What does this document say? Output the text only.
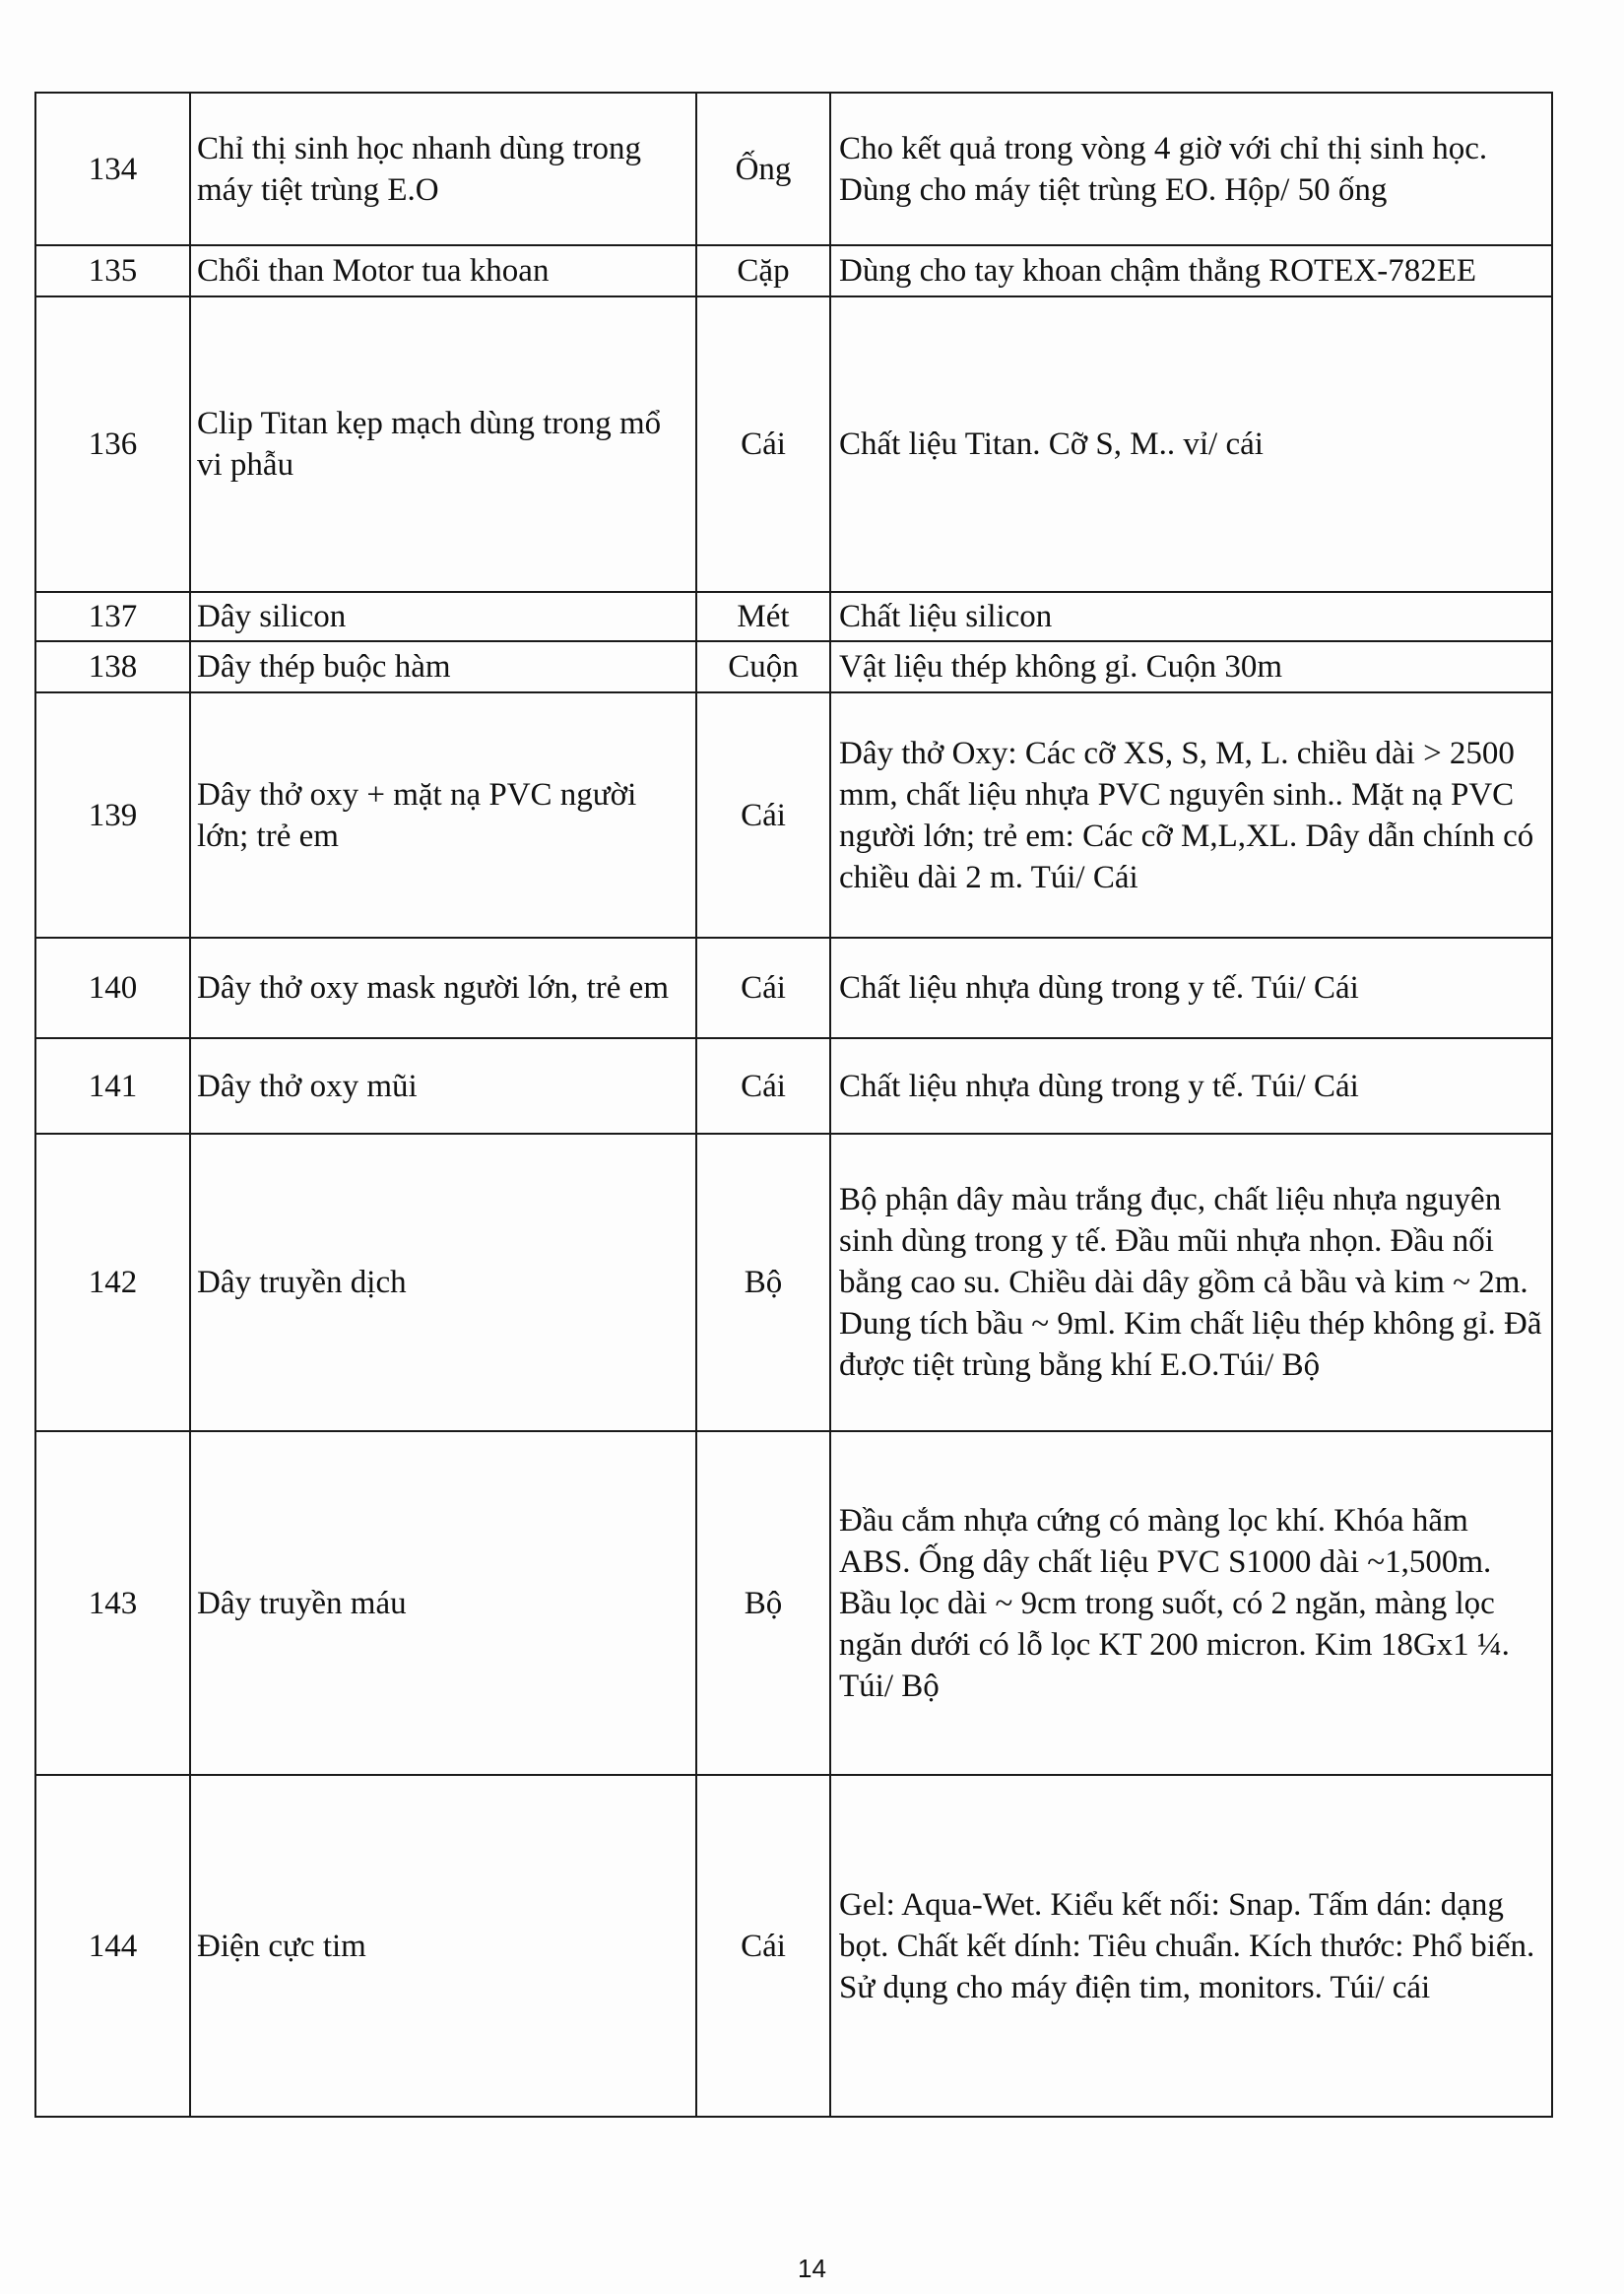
134	Chỉ thị sinh học nhanh dùng trong máy tiệt trùng E.O	Ống	Cho kết quả trong vòng 4 giờ với chỉ thị sinh học. Dùng cho máy tiệt trùng EO. Hộp/ 50 ống
135	Chổi than Motor tua khoan	Cặp	Dùng cho tay khoan chậm thẳng ROTEX-782EE
136	Clip Titan kẹp mạch dùng trong mổ vi phẫu	Cái	Chất liệu Titan. Cỡ S, M.. vỉ/ cái
137	Dây silicon	Mét	Chất liệu silicon
138	Dây thép buộc hàm	Cuộn	Vật liệu thép không gỉ. Cuộn 30m
139	Dây thở oxy + mặt nạ PVC người lớn; trẻ em	Cái	Dây thở Oxy: Các cỡ XS, S, M, L. chiều dài > 2500 mm, chất liệu nhựa PVC nguyên sinh.. Mặt nạ PVC người lớn; trẻ em: Các cỡ M,L,XL. Dây dẫn chính có chiều dài 2 m. Túi/ Cái
140	Dây thở oxy mask người lớn, trẻ em	Cái	Chất liệu nhựa dùng trong y tế. Túi/ Cái
141	Dây thở oxy mũi	Cái	Chất liệu nhựa dùng trong y tế. Túi/ Cái
142	Dây truyền dịch	Bộ	Bộ phận dây màu trắng đục, chất liệu nhựa nguyên sinh dùng trong y tế. Đầu mũi nhựa nhọn. Đầu nối bằng cao su. Chiều dài dây gồm cả bầu và kim ~ 2m. Dung tích bầu ~ 9ml. Kim chất liệu thép không gỉ. Đã được tiệt trùng bằng khí E.O.Túi/ Bộ
143	Dây truyền máu	Bộ	Đầu cắm nhựa cứng có màng lọc khí. Khóa hãm ABS. Ống dây chất liệu PVC S1000 dài ~1,500m. Bầu lọc dài ~ 9cm trong suốt, có 2 ngăn, màng lọc ngăn dưới có lỗ lọc KT 200 micron. Kim 18Gx1 ¼. Túi/ Bộ
144	Điện cực tim	Cái	Gel: Aqua-Wet. Kiểu kết nối: Snap. Tấm dán: dạng bọt. Chất kết dính: Tiêu chuẩn. Kích thước: Phổ biến. Sử dụng cho máy điện tim, monitors. Túi/ cái
14
